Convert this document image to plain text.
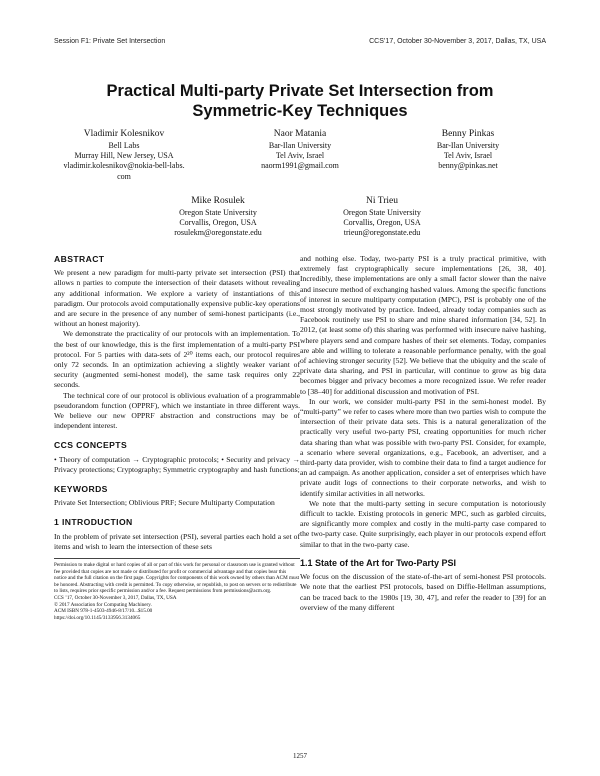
Session F1: Private Set Intersection	CCS’17, October 30-November 3, 2017, Dallas, TX, USA
Practical Multi-party Private Set Intersection from
Symmetric-Key Techniques
Vladimir Kolesnikov
Bell Labs
Murray Hill, New Jersey, USA
vladimir.kolesnikov@nokia-bell-labs.
com
Naor Matania
Bar-Ilan University
Tel Aviv, Israel
naorm1991@gmail.com
Benny Pinkas
Bar-Ilan University
Tel Aviv, Israel
benny@pinkas.net
Mike Rosulek
Oregon State University
Corvallis, Oregon, USA
rosulekm@oregonstate.edu
Ni Trieu
Oregon State University
Corvallis, Oregon, USA
trieun@oregonstate.edu
ABSTRACT

We present a new paradigm for multi-party private set intersection (PSI) that allows n parties to compute the intersection of their datasets without revealing any additional information. We explore a variety of instantiations of this paradigm. Our protocols avoid computationally expensive public-key operations and are secure in the presence of any number of semi-honest participants (i.e., without an honest majority).

We demonstrate the practicality of our protocols with an implementation. To the best of our knowledge, this is the first implementation of a multi-party PSI protocol. For 5 parties with data-sets of 2²⁰ items each, our protocol requires only 72 seconds. In an optimization achieving a slightly weaker variant of security (augmented semi-honest model), the same task requires only 22 seconds.

The technical core of our protocol is oblivious evaluation of a programmable pseudorandom function (OPPRF), which we instantiate in three different ways. We believe our new OPPRF abstraction and constructions may be of independent interest.

CCS CONCEPTS

• Theory of computation → Cryptographic protocols; • Security and privacy → Privacy protections; Cryptography; Symmetric cryptography and hash functions;

KEYWORDS

Private Set Intersection; Oblivious PRF; Secure Multiparty Computation

1 INTRODUCTION

In the problem of private set intersection (PSI), several parties each hold a set of items and wish to learn the intersection of these sets

Permission to make digital or hard copies of all or part of this work for personal or classroom use is granted without fee provided that copies are not made or distributed for profit or commercial advantage and that copies bear this notice and the full citation on the first page. Copyrights for components of this work owned by others than ACM must be honored. Abstracting with credit is permitted. To copy otherwise, or republish, to post on servers or to redistribute to lists, requires prior specific permission and/or a fee. Request permissions from permissions@acm.org.

CCS ’17, October 30-November 3, 2017, Dallas, TX, USA

© 2017 Association for Computing Machinery.

ACM ISBN 978-1-4503-4946-8/17/10...$15.00

https://doi.org/10.1145/3133956.3134065

and nothing else. Today, two-party PSI is a truly practical primitive, with extremely fast cryptographically secure implementations [26, 38, 40]. Incredibly, these implementations are only a small factor slower than the naive and insecure method of exchanging hashed values. Among the specific functions of interest in secure multiparty computation (MPC), PSI is probably one of the most strongly motivated by practice. Indeed, already today companies such as Facebook routinely use PSI to share and mine shared information [34, 52]. In 2012, (at least some of) this sharing was performed with insecure naive hashing, where players send and compare hashes of their set elements. Today, companies are able and willing to tolerate a reasonable performance penalty, with the goal of achieving stronger security [52]. We believe that the ubiquity and the scale of private data sharing, and PSI in particular, will continue to grow as big data becomes bigger and privacy becomes a more recognized issue. We refer reader to [38–40] for additional discussion and motivation of PSI.

In our work, we consider multi-party PSI in the semi-honest model. By “multi-party” we refer to cases where more than two parties wish to compute the intersection of their private data sets. This is a natural generalization of the practically very useful two-party PSI, creating opportunities for much richer data sharing than what was possible with two-party PSI. Consider, for example, a scenario where several organizations, e.g., Facebook, an advertiser, and a third-party data provider, wish to combine their data to find a target audience for an ad campaign. As another application, consider a set of enterprises which have private audit logs of connections to their corporate networks, and wish to identify similar activities in all networks.

We note that the multi-party setting in secure computation is notoriously difficult to tackle. Existing protocols in generic MPC, such as garbled circuits, are significantly more complex and costly in the multi-party case compared to the two-party case. Quite surprisingly, each player in our protocols expend effort similar to that in the two-party case.

1.1 State of the Art for Two-Party PSI

We focus on the discussion of the state-of-the-art of semi-honest PSI protocols. We note that the earliest PSI protocols, based on Diffie-Hellman assumptions, can be traced back to the 1980s [19, 30, 47], and refer the reader to [39] for an overview of the many different

1257
